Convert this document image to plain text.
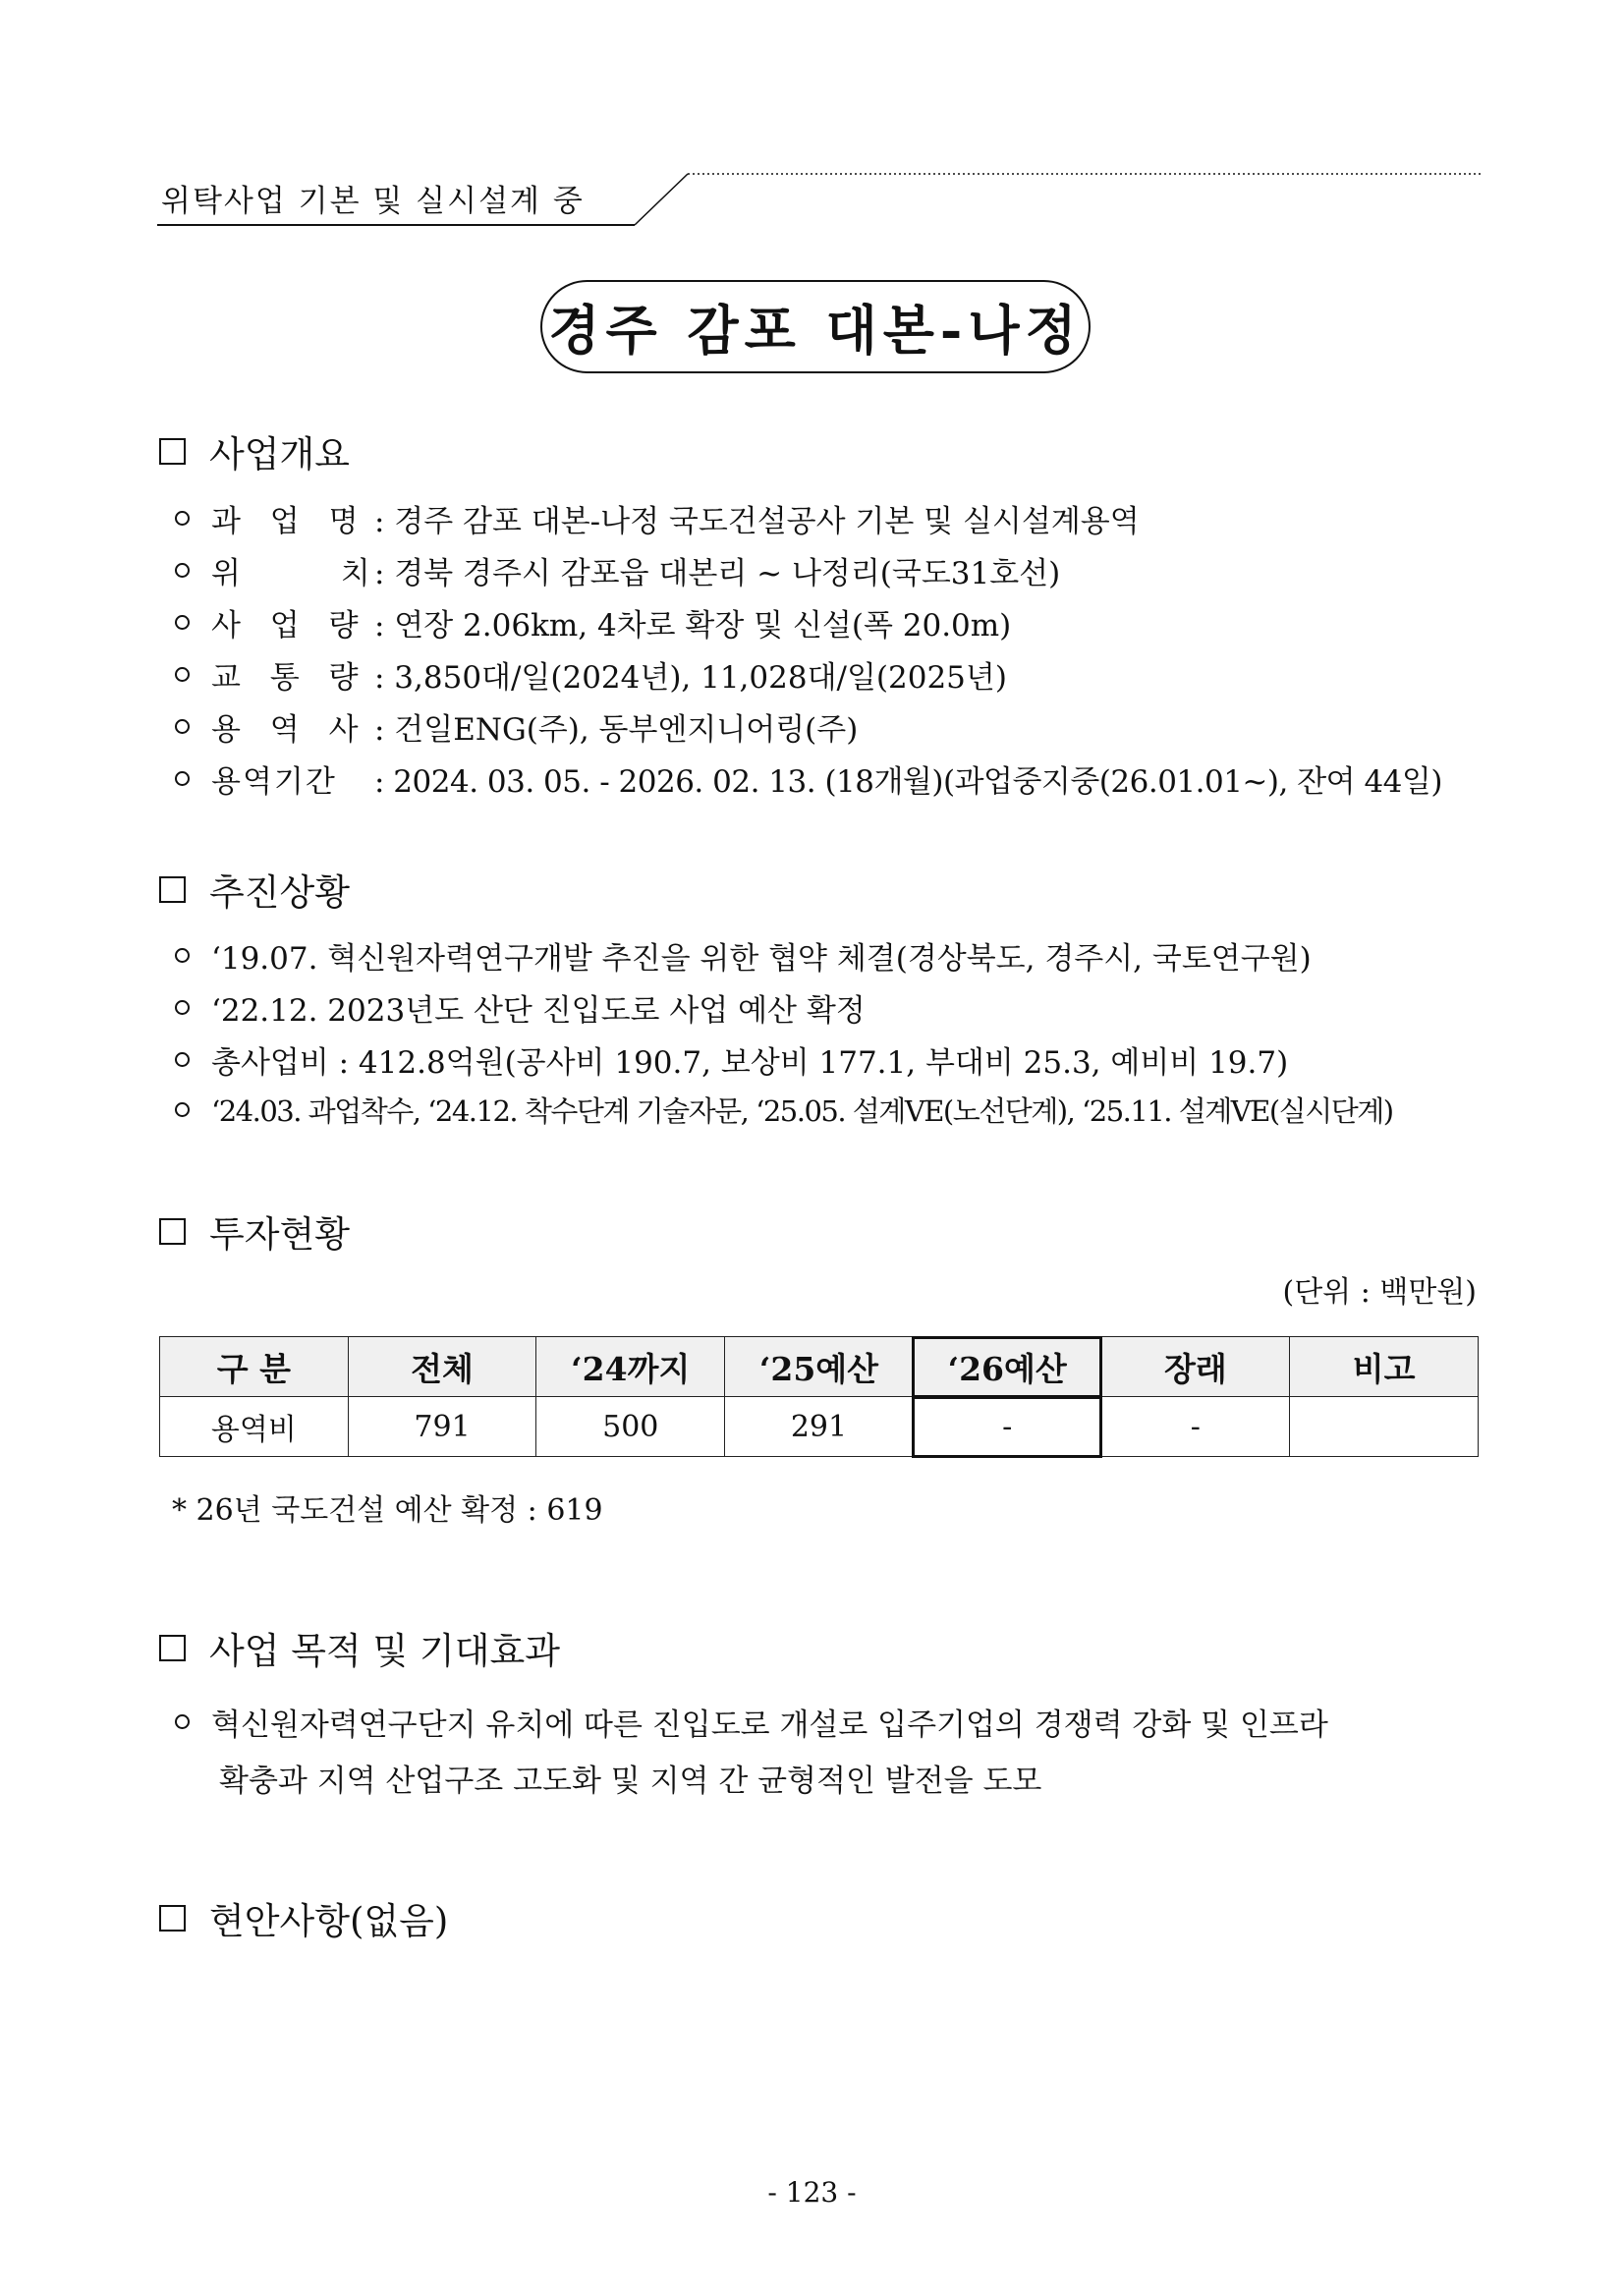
위탁사업 기본 및 실시설계 중
경주 감포 대본-나정
사업개요
과 업 명 : 경주 감포 대본-나정 국도건설공사 기본 및 실시설계용역
위 치
: 경북 경주시 감포읍 대본리 ~ 나정리(국도31호선)
사 업 량 : 연장 2.06km, 4차로 확장 및 신설(폭 20.0m)
교 통 량 : 3,850대/일(2024년), 11,028대/일(2025년)
용 역 사 : 건일ENG(주), 동부엔지니어링(주)
용역기간	: 2024. 03. 05. - 2026. 02. 13. (18개월)(과업중지중(26.01.01~), 잔여 44일)
추진상황
‘19.07. 혁신원자력연구개발 추진을 위한 협약 체결(경상북도, 경주시, 국토연구원)
‘22.12. 2023년도 산단 진입도로 사업 예산 확정
총사업비 : 412.8억원(공사비 190.7, 보상비 177.1, 부대비 25.3, 예비비 19.7)
‘24.03. 과업착수, ‘24.12. 착수단계 기술자문, ‘25.05. 설계VE(노선단계), ‘25.11. 설계VE(실시단계)
투자현황
(단위 : 백만원)
구 분	전체	‘24까지	‘25예산	‘26예산	장래	비고
용역비	791	500	291	-	-	
* 26년 국도건설 예산 확정 : 619
사업 목적 및 기대효과
혁신원자력연구단지 유치에 따른 진입도로 개설로 입주기업의 경쟁력 강화 및 인프라
확충과 지역 산업구조 고도화 및 지역 간 균형적인 발전을 도모
현안사항(없음)
- 123 -
